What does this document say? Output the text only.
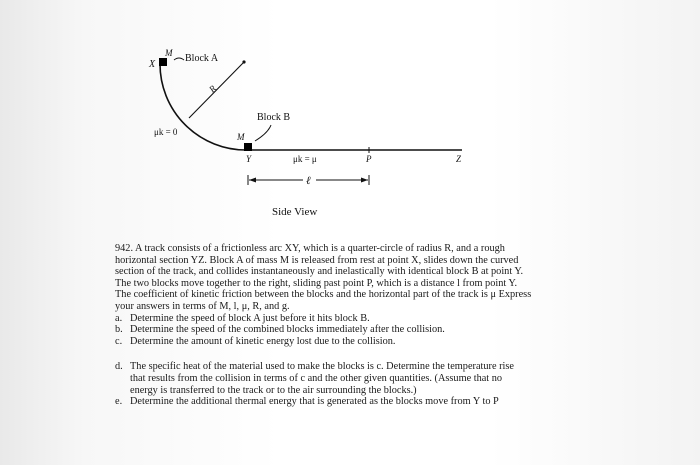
R
X
M Block A
μk = 0	M
Block B
Y	μk = μ	P	Z
ℓ
Side View
942. A track consists of a frictionless arc XY, which is a quarter-circle of radius R, and a rough
horizontal section YZ. Block A of mass M is released from rest at point X, slides down the curved
section of the track, and collides instantaneously and inelastically with identical block B at point Y.
The two blocks move together to the right, sliding past point P, which is a distance l from point Y.
The coefficient of kinetic friction between the blocks and the horizontal part of the track is μ Express
your answers in terms of M, l, μ, R, and g.
a. Determine the speed of block A just before it hits block B.
b. Determine the speed of the combined blocks immediately after the collision.
c. Determine the amount of kinetic energy lost due to the collision.
d. The specific heat of the material used to make the blocks is c. Determine the temperature rise
that results from the collision in terms of c and the other given quantities. (Assume that no
energy is transferred to the track or to the air surrounding the blocks.)
e. Determine the additional thermal energy that is generated as the blocks move from Y to P
